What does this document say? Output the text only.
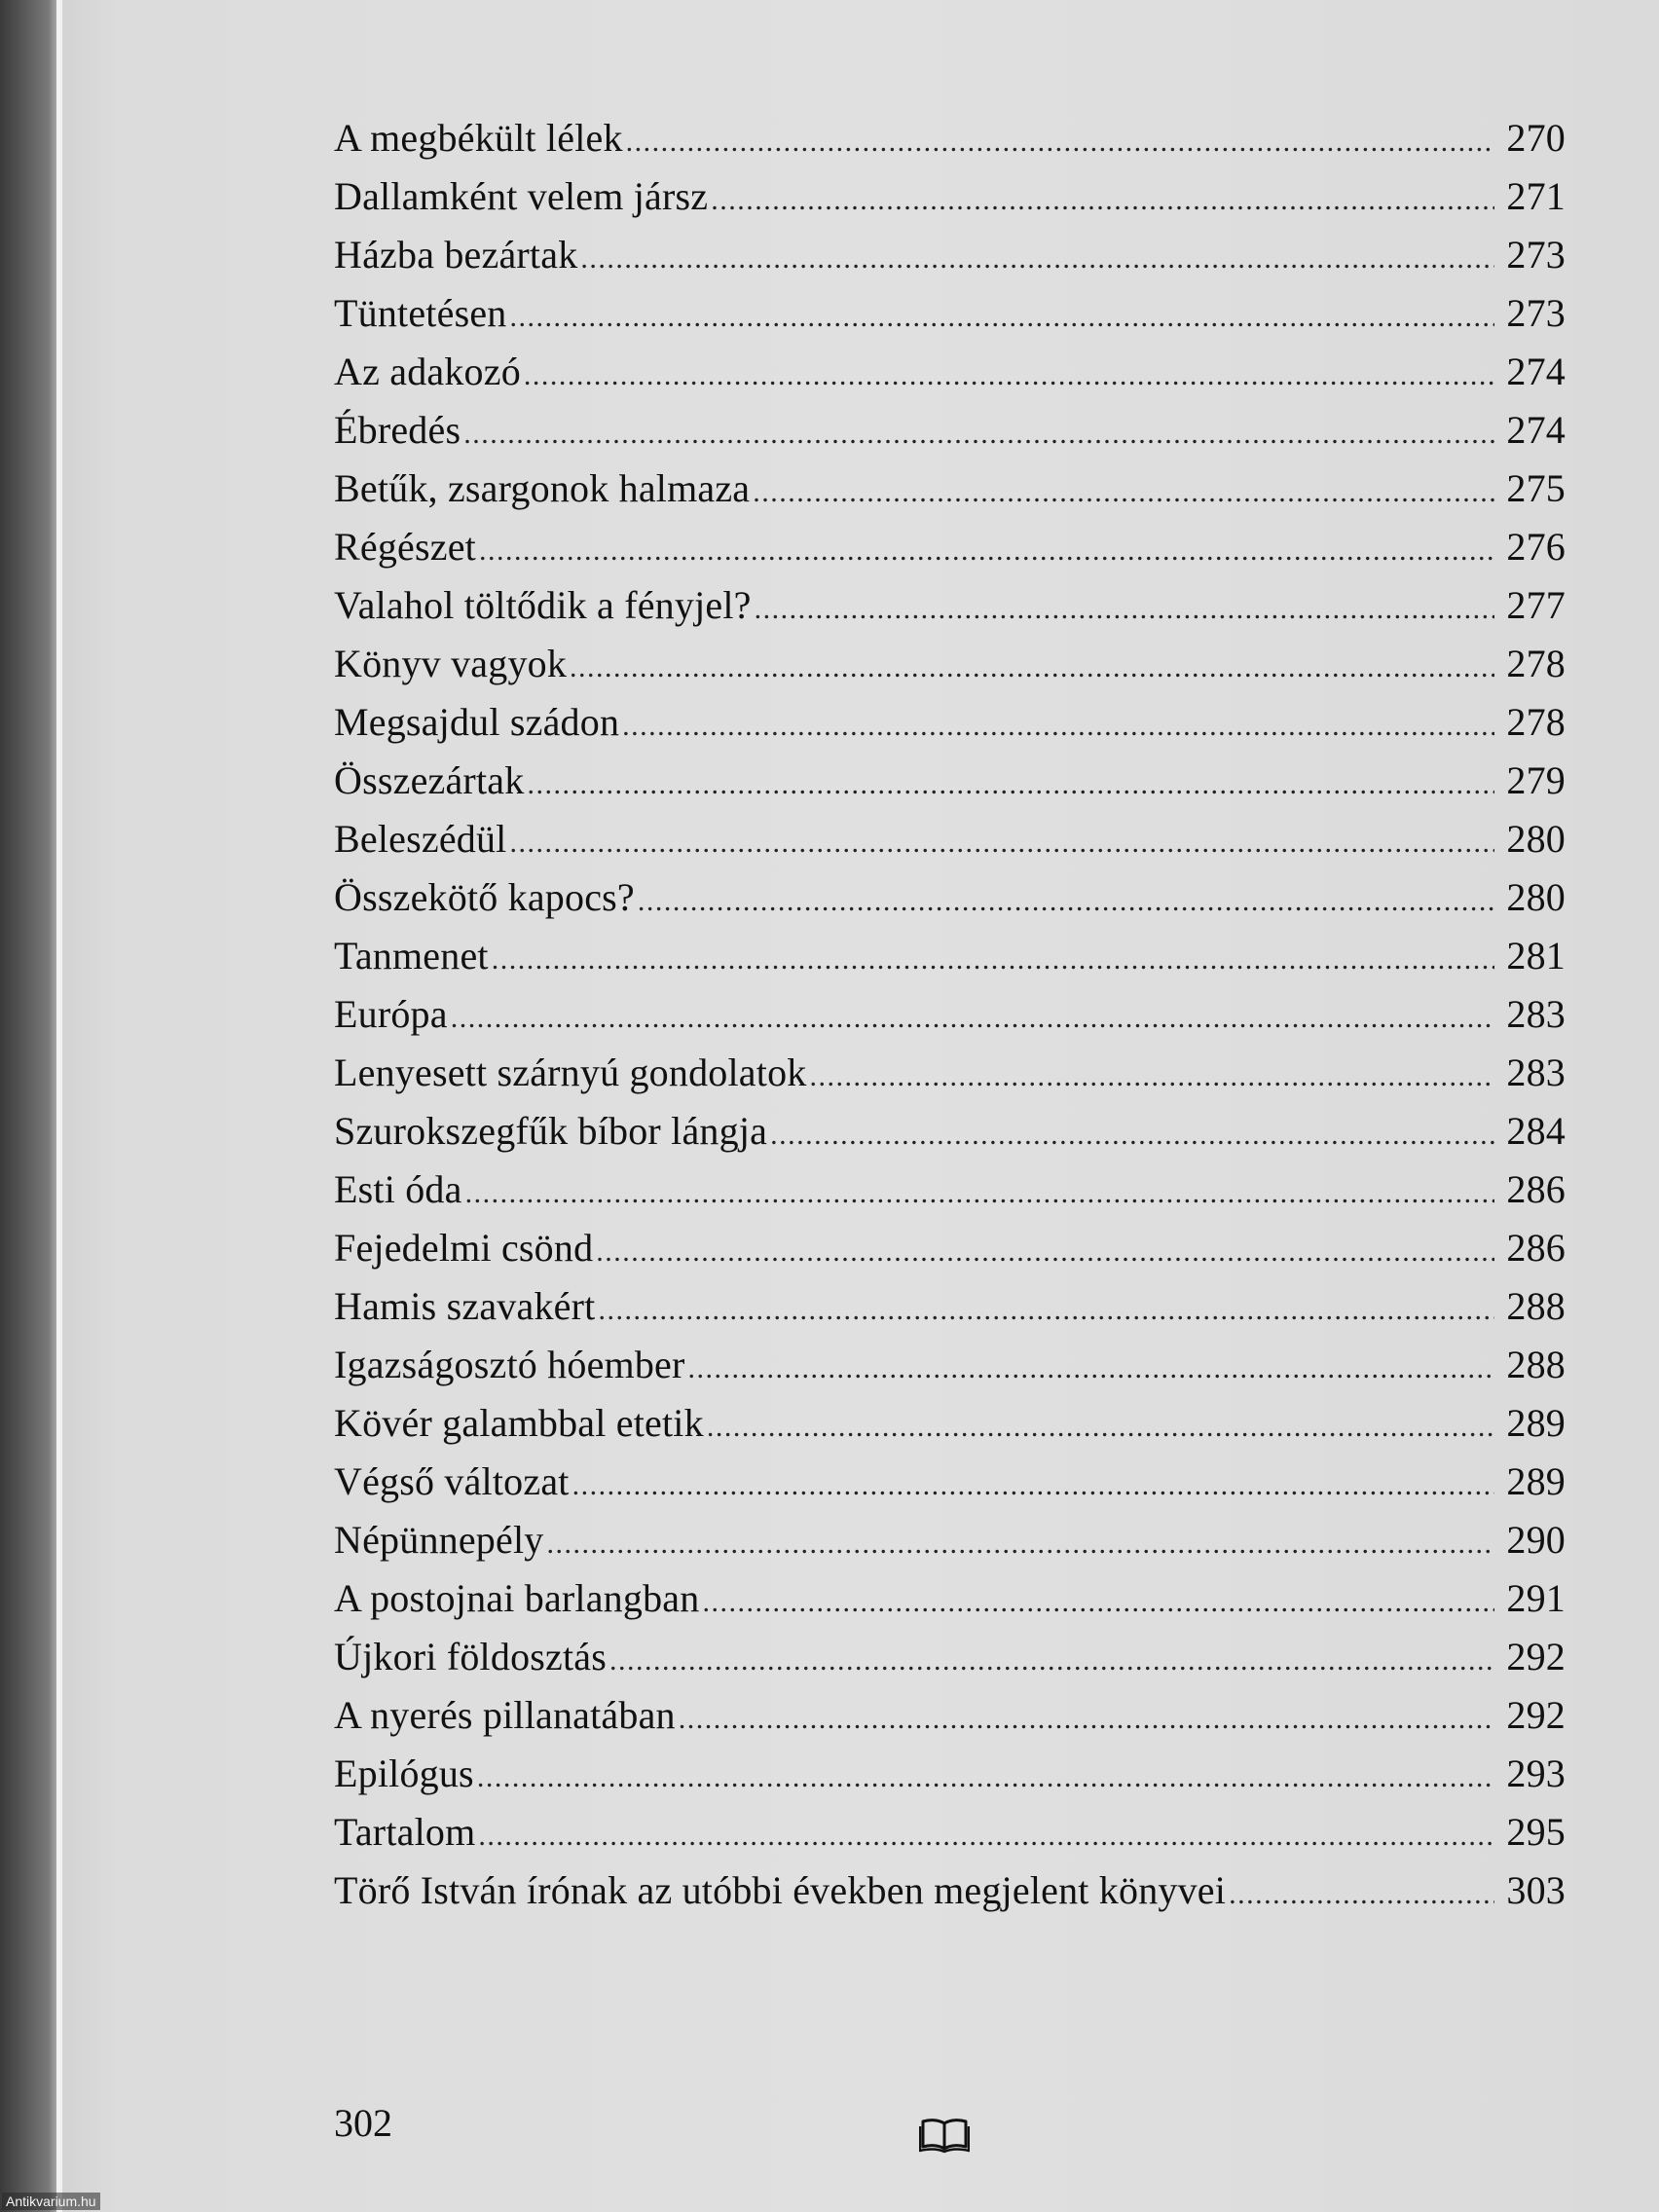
A megbékült lélek .....	270
Dallamként velem jársz .....	271
Házba bezártak .....	273
Tüntetésen .....	273
Az adakozó .....	274
Ébredés .....	274
Betűk, zsargonok halmaza .....	275
Régészet .....	276
Valahol töltődik a fényjel? .....	277
Könyv vagyok .....	278
Megsajdul szádon .....	278
Összezártak .....	279
Beleszédül .....	280
Összekötő kapocs? .....	280
Tanmenet .....	281
Európa .....	283
Lenyesett szárnyú gondolatok .....	283
Szurokszegfűk bíbor lángja .....	284
Esti óda .....	286
Fejedelmi csönd .....	286
Hamis szavakért .....	288
Igazságosztó hóember .....	288
Kövér galambbal etetik .....	289
Végső változat .....	289
Népünnepély .....	290
A postojnai barlangban .....	291
Újkori földosztás .....	292
A nyerés pillanatában .....	292
Epilógus .....	293
Tartalom .....	295
Törő István írónak az utóbbi években megjelent könyvei .....	303
302
Antikvarium.hu
